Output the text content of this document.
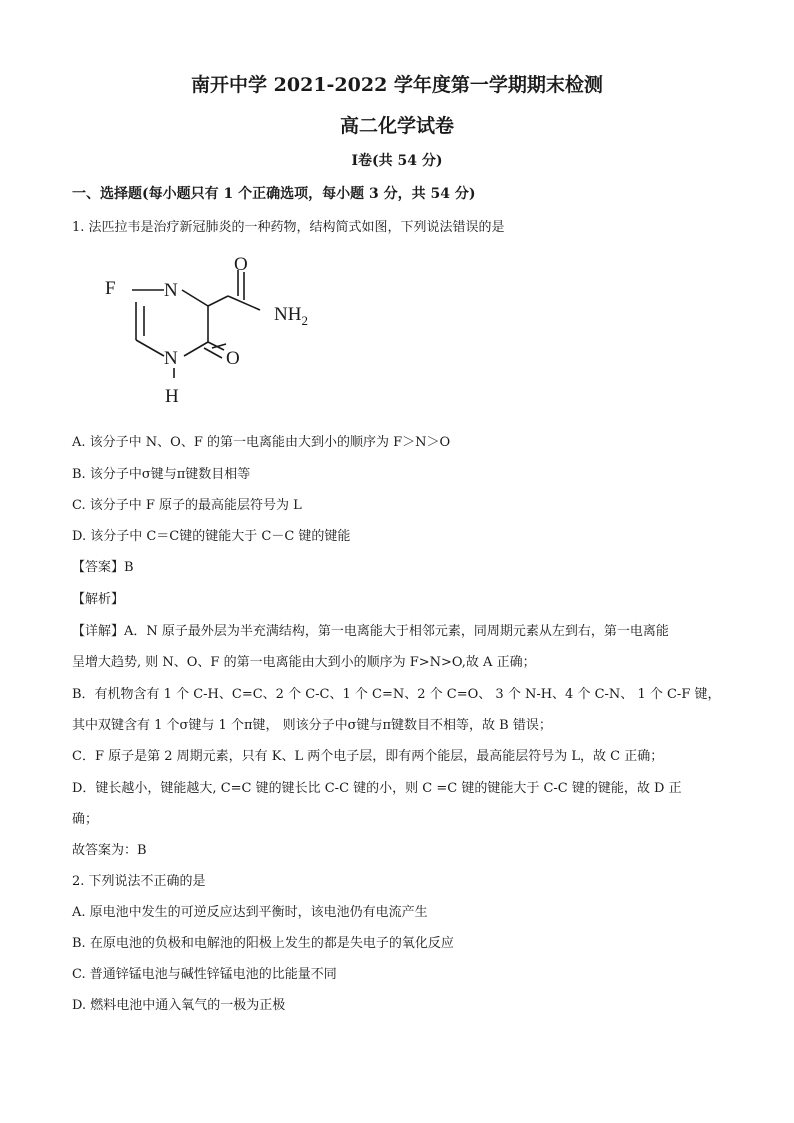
南开中学 2021-2022 学年度第一学期期末检测
高二化学试卷
Ⅰ卷(共 54 分)
一、选择题(每小题只有 1 个正确选项，每小题 3 分，共 54 分)
1. 法匹拉韦是治疗新冠肺炎的一种药物，结构简式如图，下列说法错误的是
F	N
N
H
O
O
$NH_2$
A. 该分子中 N、O、F 的第一电离能由大到小的顺序为 F＞N＞O
B. 该分子中σ键与π键数目相等
C. 该分子中 F 原子的最高能层符号为 L
D. 该分子中 C＝C键的键能大于 C－C 键的键能
【答案】B
【解析】
【详解】A．N 原子最外层为半充满结构，第一电离能大于相邻元素，同周期元素从左到右，第一电离能
呈增大趋势, 则 N、O、F 的第一电离能由大到小的顺序为 F>N>O,故 A 正确；
B．有机物含有 1 个 C-H、C=C、2 个 C-C、1 个 C=N、2 个 C=O、 3 个 N-H、4 个 C-N、 1 个 C-F 键，
其中双键含有 1 个σ键与 1 个π键， 则该分子中σ键与π键数目不相等，故 B 错误；
C．F 原子是第 2 周期元素，只有 K、L 两个电子层，即有两个能层，最高能层符号为 L，故 C 正确；
D．键长越小，键能越大, C=C 键的键长比 C-C 键的小，则 C =C 键的键能大于 C-C 键的键能，故 D 正
确；
故答案为：B
2. 下列说法不正确的是
A. 原电池中发生的可逆反应达到平衡时，该电池仍有电流产生
B. 在原电池的负极和电解池的阳极上发生的都是失电子的氧化反应
C. 普通锌锰电池与碱性锌锰电池的比能量不同
D. 燃料电池中通入氧气的一极为正极
